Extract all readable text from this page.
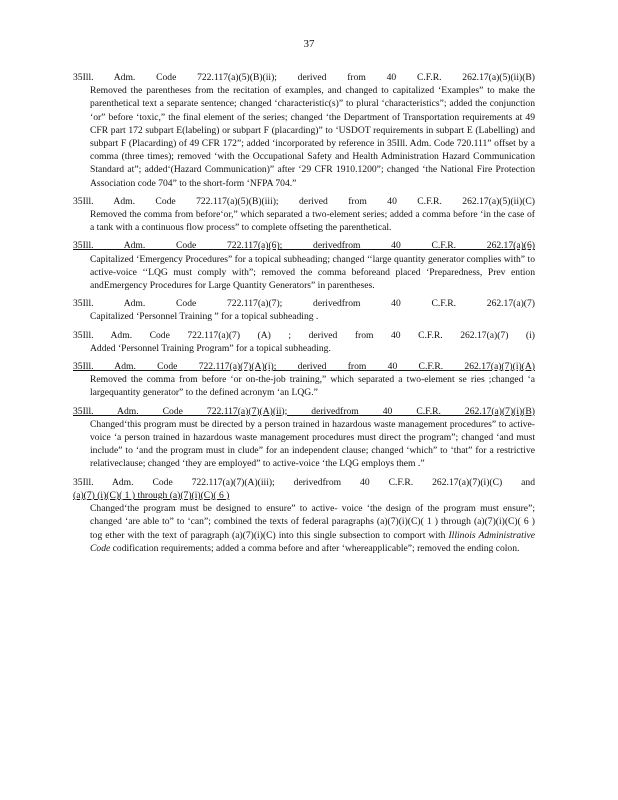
37
35Ill. Adm. Code 722.117(a)(5)(B)(ii); derived from 40 C.F.R. 262.17(a)(5)(ii)(B)
Removed the parentheses from the recitation of examples, and changed to capitalized ‘Examples” to make the parenthetical text a separate sentence; changed ‘characteristic(s)” to plural ‘characteristics”; added the conjunction ‘or” before ‘toxic,” the final element of the series; changed ‘the Department of Transportation requirements at 49 CFR part 172 subpart E(labeling) or subpart F (placarding)” to ‘USDOT requirements in subpart E (Labelling) and subpart F (Placarding) of 49 CFR 172”; added ‘incorporated by reference in 35Ill. Adm. Code 720.111” offset by a comma (three times); removed ‘with the Occupational Safety and Health Administration Hazard Communication Standard at”; added‘(Hazard Communication)” after ‘29 CFR 1910.1200”; changed ‘the National Fire Protection Association code 704” to the short-form ‘NFPA 704.”
35Ill. Adm. Code 722.117(a)(5)(B)(iii); derived from 40 C.F.R. 262.17(a)(5)(ii)(C)
Removed the comma from before‘or,” which separated a two-element series; added a comma before ‘in the case of a tank with a continuous flow process” to complete offseting the parenthetical.
35Ill. Adm. Code 722.117(a)(6); derivedfrom 40 C.F.R. 262.17(a)(6)
Capitalized ‘Emergency Procedures” for a topical subheading; changed ‘‘large quantity generator complies with” to active-voice ‘‘LQG must comply with”; removed the comma beforeand placed ‘Preparedness, Prev ention andEmergency Procedures for Large Quantity Generators” in parentheses.
35Ill. Adm. Code 722.117(a)(7); derivedfrom 40 C.F.R. 262.17(a)(7)
Capitalized ‘Personnel Training ” for a topical subheading .
35Ill. Adm. Code 722.117(a)(7) (A) ; derived from 40 C.F.R. 262.17(a)(7) (i)
Added ‘Personnel Training Program” for a topical subheading.
35Ill. Adm. Code 722.117(a)(7)(A)(i); derived from 40 C.F.R. 262.17(a)(7)(i)(A)
Removed the comma from before ‘or on-the-job training,” which separated a two-element se ries ;changed ‘a largequantity generator” to the defined acronym ‘an LQG.”
35Ill. Adm. Code 722.117(a)(7)(A)(ii); derivedfrom 40 C.F.R. 262.17(a)(7)(i)(B)
Changed‘this program must be directed by a person trained in hazardous waste management procedures” to active-voice ‘a person trained in hazardous waste management procedures must direct the program”; changed ‘and must include” to ‘and the program must in clude” for an independent clause; changed ‘which” to ‘that” for a restrictive relativeclause; changed ‘they are employed” to active-voice ‘the LQG employs them .”
35Ill. Adm. Code 722.117(a)(7)(A)(iii); derivedfrom 40 C.F.R. 262.17(a)(7)(i)(C) and
(a)(7) (i)(C)( 1 ) through (a)(7)(i)(C)( 6 )
Changed‘the program must be designed to ensure” to active- voice ‘the design of the program must ensure”; changed ‘are able to” to ‘can”; combined the texts of federal paragraphs (a)(7)(i)(C)( 1 ) through (a)(7)(i)(C)( 6 ) tog ether with the text of paragraph (a)(7)(i)(C) into this single subsection to comport with Illinois Administrative Code codification requirements; added a comma before and after ‘whereapplicable”; removed the ending colon.
